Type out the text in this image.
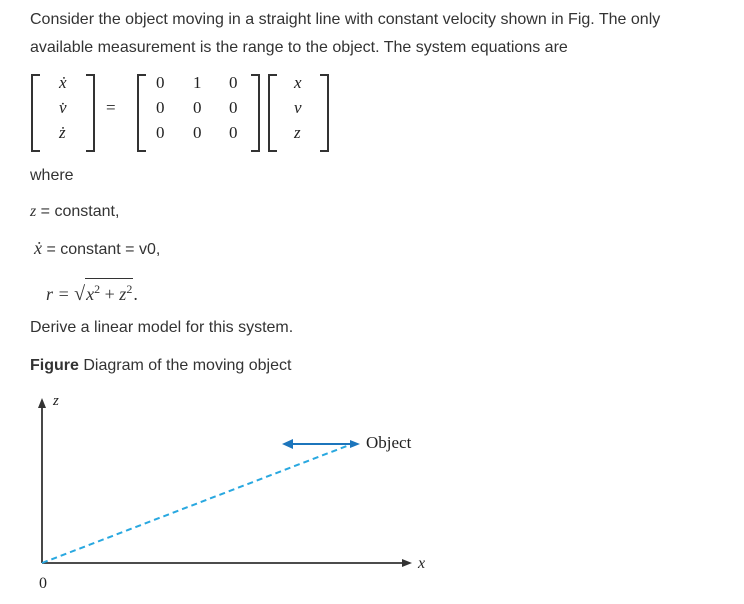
Consider the object moving in a straight line with constant velocity shown in Fig. The only
available measurement is the range to the object. The system equations are
ẋ
v̇
ż
=
0 1 0
0 0 0
0 0 0
x
v
z
where
z = constant,
ẋ = constant = v0,
$r = √x^2 + z^2$.
Derive a linear model for this system.
Figure Diagram of the moving object
z
x
0
Object
